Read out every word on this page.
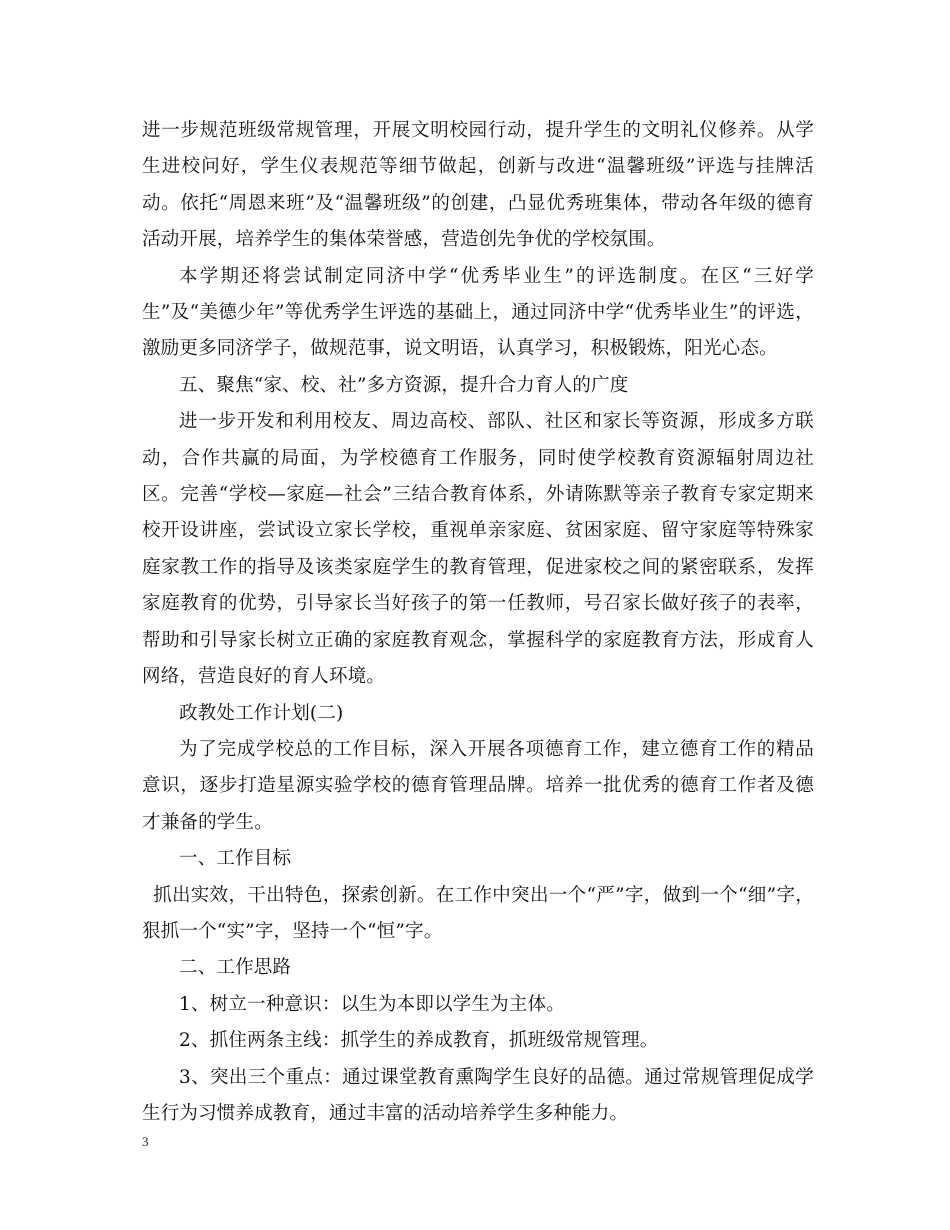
进一步规范班级常规管理，开展文明校园行动，提升学生的文明礼仪修养。从学生进校问好，学生仪表规范等细节做起，创新与改进“温馨班级”评选与挂牌活动。依托“周恩来班”及“温馨班级”的创建，凸显优秀班集体，带动各年级的德育活动开展，培养学生的集体荣誉感，营造创先争优的学校氛围。

本学期还将尝试制定同济中学“优秀毕业生”的评选制度。在区“三好学生”及“美德少年”等优秀学生评选的基础上，通过同济中学“优秀毕业生”的评选，激励更多同济学子，做规范事，说文明语，认真学习，积极锻炼，阳光心态。

五、聚焦“家、校、社”多方资源，提升合力育人的广度

进一步开发和利用校友、周边高校、部队、社区和家长等资源，形成多方联动，合作共赢的局面，为学校德育工作服务，同时使学校教育资源辐射周边社区。完善“学校—家庭—社会”三结合教育体系，外请陈默等亲子教育专家定期来校开设讲座，尝试设立家长学校，重视单亲家庭、贫困家庭、留守家庭等特殊家庭家教工作的指导及该类家庭学生的教育管理，促进家校之间的紧密联系，发挥家庭教育的优势，引导家长当好孩子的第一任教师，号召家长做好孩子的表率，帮助和引导家长树立正确的家庭教育观念，掌握科学的家庭教育方法，形成育人网络，营造良好的育人环境。

政教处工作计划(二)

为了完成学校总的工作目标，深入开展各项德育工作，建立德育工作的精品意识，逐步打造星源实验学校的德育管理品牌。培养一批优秀的德育工作者及德才兼备的学生。

一、工作目标

抓出实效，干出特色，探索创新。在工作中突出一个“严”字，做到一个“细”字，狠抓一个“实”字，坚持一个“恒”字。

二、工作思路

1、树立一种意识：以生为本即以学生为主体。

2、抓住两条主线：抓学生的养成教育，抓班级常规管理。

3、突出三个重点：通过课堂教育熏陶学生良好的品德。通过常规管理促成学生行为习惯养成教育，通过丰富的活动培养学生多种能力。

3
